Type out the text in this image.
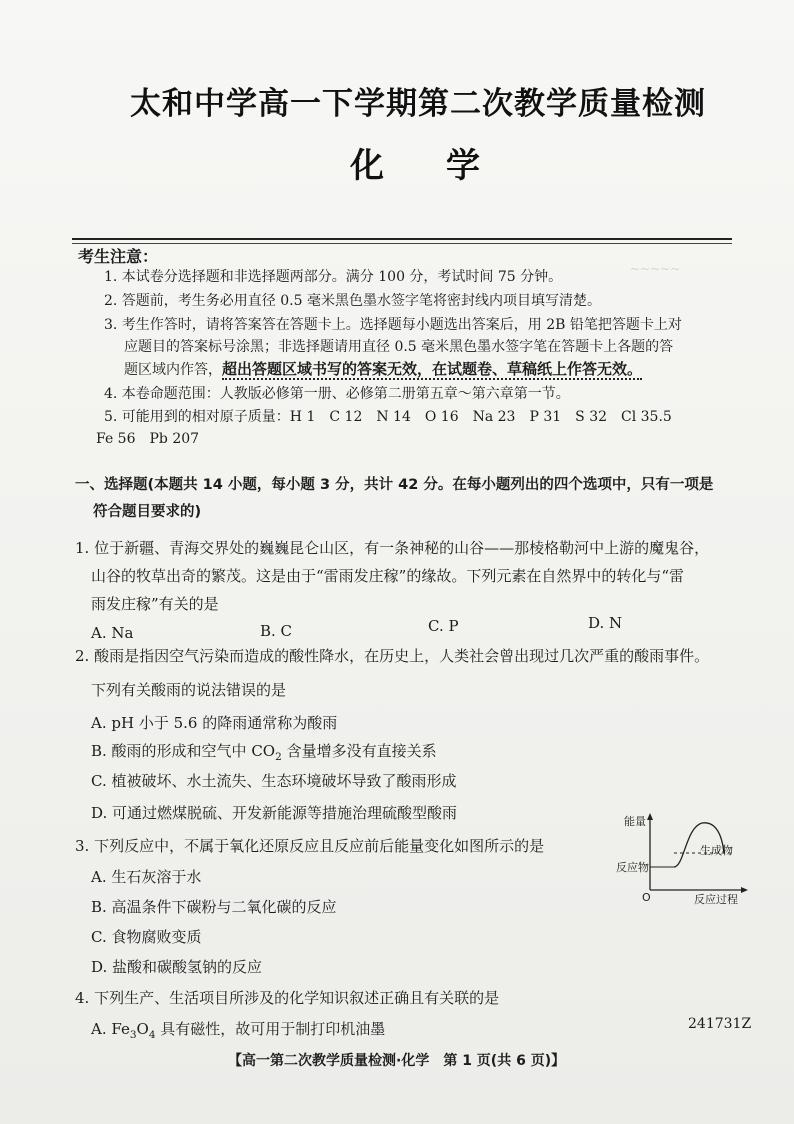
~~~~~
太和中学高一下学期第二次教学质量检测
化学
考生注意：
1. 本试卷分选择题和非选择题两部分。满分 100 分，考试时间 75 分钟。
2. 答题前，考生务必用直径 0.5 毫米黑色墨水签字笔将密封线内项目填写清楚。
3. 考生作答时，请将答案答在答题卡上。选择题每小题选出答案后，用 2B 铅笔把答题卡上对
应题目的答案标号涂黑；非选择题请用直径 0.5 毫米黑色墨水签字笔在答题卡上各题的答
题区域内作答，超出答题区域书写的答案无效，在试题卷、草稿纸上作答无效。
4. 本卷命题范围：人教版必修第一册、必修第二册第五章～第六章第一节。
5. 可能用到的相对原子质量：H 1　C 12　N 14　O 16　Na 23　P 31　S 32　Cl 35.5
Fe 56　Pb 207
一、选择题(本题共 14 小题，每小题 3 分，共计 42 分。在每小题列出的四个选项中，只有一项是
符合题目要求的)
1. 位于新疆、青海交界处的巍巍昆仑山区，有一条神秘的山谷——那棱格勒河中上游的魔鬼谷，
山谷的牧草出奇的繁茂。这是由于“雷雨发庄稼”的缘故。下列元素在自然界中的转化与“雷
雨发庄稼”有关的是
A. Na	B. C	C. P	D. N
2. 酸雨是指因空气污染而造成的酸性降水，在历史上，人类社会曾出现过几次严重的酸雨事件。
下列有关酸雨的说法错误的是
A. pH 小于 5.6 的降雨通常称为酸雨
B. 酸雨的形成和空气中 $CO_2$ 含量增多没有直接关系
C. 植被破坏、水土流失、生态环境破坏导致了酸雨形成
D. 可通过燃煤脱硫、开发新能源等措施治理硫酸型酸雨
3. 下列反应中，不属于氧化还原反应且反应前后能量变化如图所示的是
A. 生石灰溶于水
B. 高温条件下碳粉与二氧化碳的反应
C. 食物腐败变质
D. 盐酸和碳酸氢钠的反应
能量
反应物
生成物
O	反应过程
4. 下列生产、生活项目所涉及的化学知识叙述正确且有关联的是
A. $Fe_3O_4$ 具有磁性，故可用于制打印机油墨
【高一第二次教学质量检测·化学　第 1 页(共 6 页)】
241731Z
